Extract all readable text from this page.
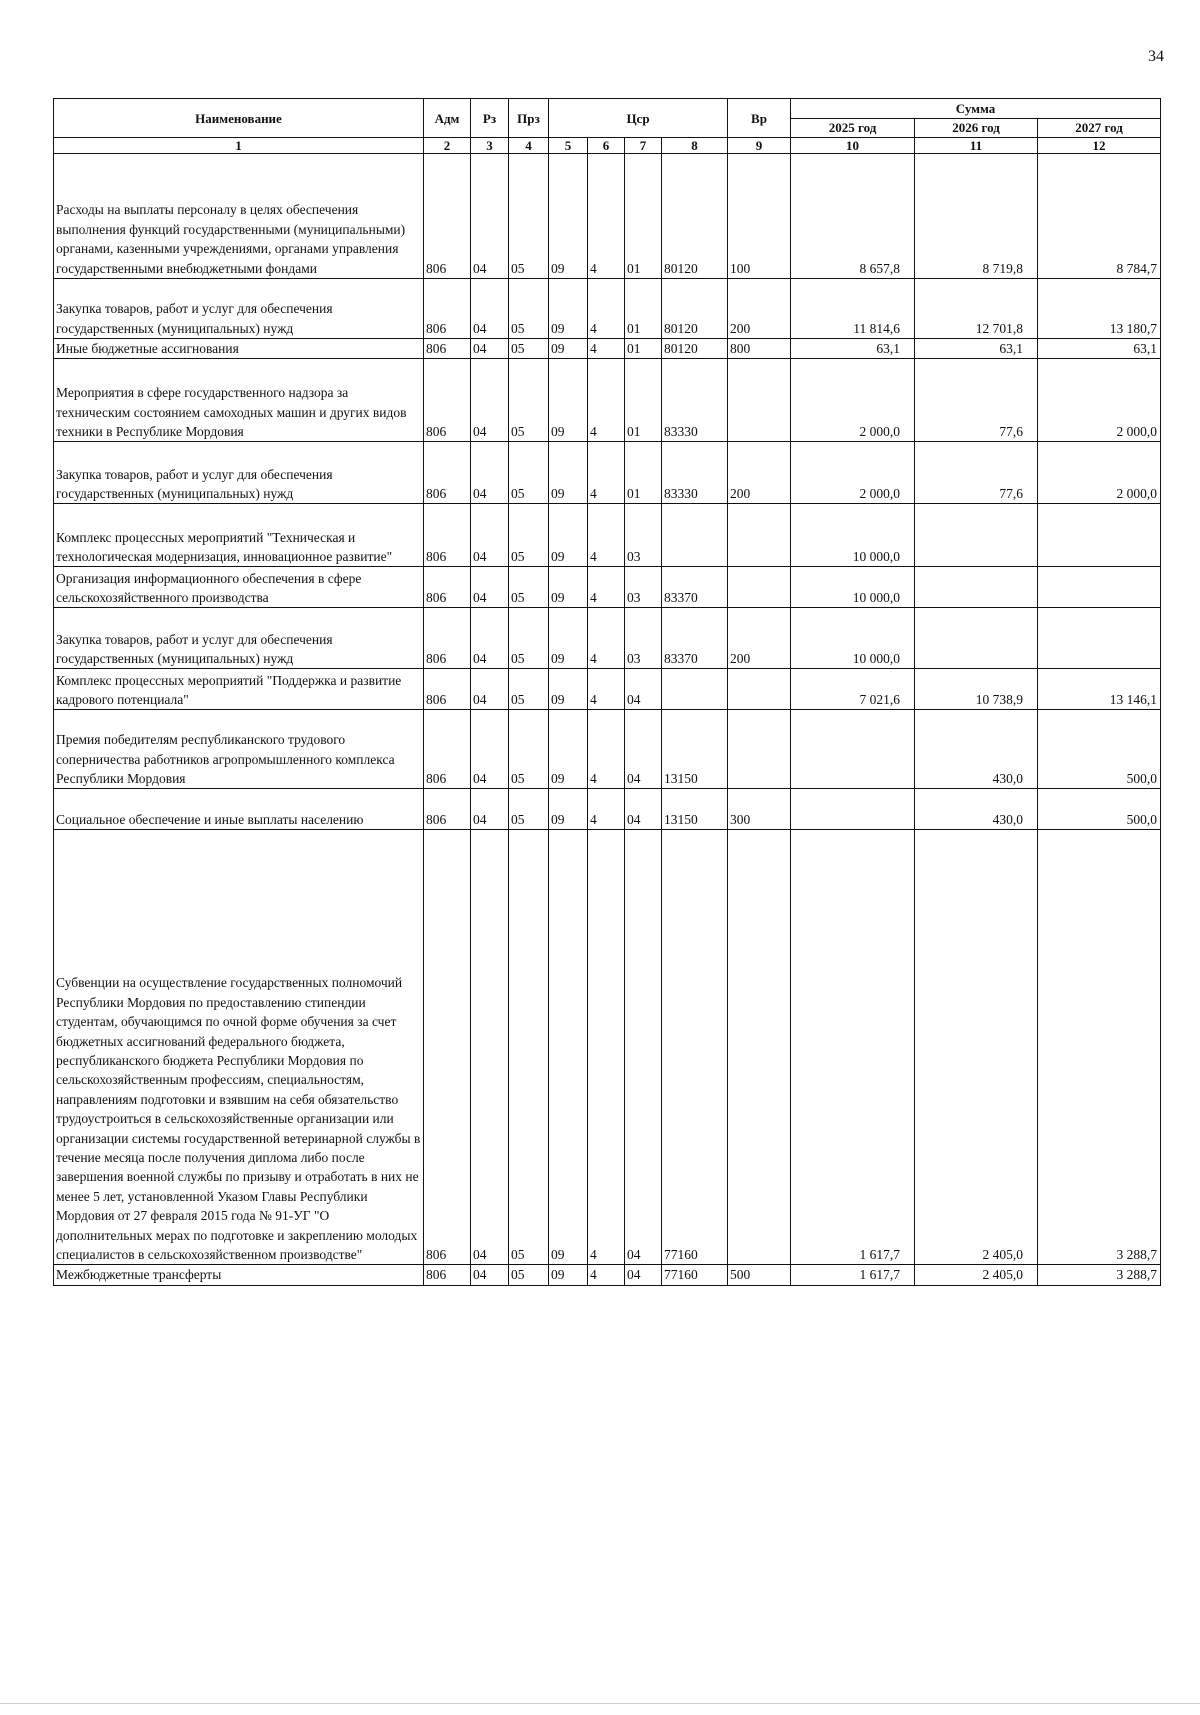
34
Наименование	Адм	Рз	Прз	Цср				Вр	Сумма		
									2025 год	2026 год	2027 год
1	2	3	4	5	6	7	8	9	10	11	12
Расходы на выплаты персоналу в целях обеспечения выполнения функций государственными (муниципальными) органами, казенными учреждениями, органами управления государственными внебюджетными фондами	806	04	05	09	4	01	80120	100	8 657,8	8 719,8	8 784,7
Закупка товаров, работ и услуг для обеспечения государственных (муниципальных) нужд	806	04	05	09	4	01	80120	200	11 814,6	12 701,8	13 180,7
Иные бюджетные ассигнования	806	04	05	09	4	01	80120	800	63,1	63,1	63,1
Мероприятия в сфере государственного надзора за техническим состоянием самоходных машин и других видов техники в Республике Мордовия	806	04	05	09	4	01	83330		2 000,0	77,6	2 000,0
Закупка товаров, работ и услуг для обеспечения государственных (муниципальных) нужд	806	04	05	09	4	01	83330	200	2 000,0	77,6	2 000,0
Комплекс процессных мероприятий "Техническая и технологическая модернизация, инновационное развитие"	806	04	05	09	4	03			10 000,0		
Организация информационного обеспечения в сфере сельскохозяйственного производства	806	04	05	09	4	03	83370		10 000,0		
Закупка товаров, работ и услуг для обеспечения государственных (муниципальных) нужд	806	04	05	09	4	03	83370	200	10 000,0		
Комплекс процессных мероприятий "Поддержка и развитие кадрового потенциала"	806	04	05	09	4	04			7 021,6	10 738,9	13 146,1
Премия победителям республиканского трудового соперничества работников агропромышленного комплекса Республики Мордовия	806	04	05	09	4	04	13150			430,0	500,0
Социальное обеспечение и иные выплаты населению	806	04	05	09	4	04	13150	300		430,0	500,0
Субвенции на осуществление государственных полномочий Республики Мордовия по предоставлению стипендии студентам, обучающимся по очной форме обучения за счет бюджетных ассигнований федерального бюджета, республиканского бюджета Республики Мордовия по сельскохозяйственным профессиям, специальностям, направлениям подготовки и взявшим на себя обязательство трудоустроиться в сельскохозяйственные организации или организации системы государственной ветеринарной службы в течение месяца после получения диплома либо после завершения военной службы по призыву и отработать в них не менее 5 лет, установленной Указом Главы Республики Мордовия от 27 февраля 2015 года № 91-УГ "О дополнительных мерах по подготовке и закреплению молодых специалистов в сельскохозяйственном производстве"	806	04	05	09	4	04	77160		1 617,7	2 405,0	3 288,7
Межбюджетные трансферты	806	04	05	09	4	04	77160	500	1 617,7	2 405,0	3 288,7
